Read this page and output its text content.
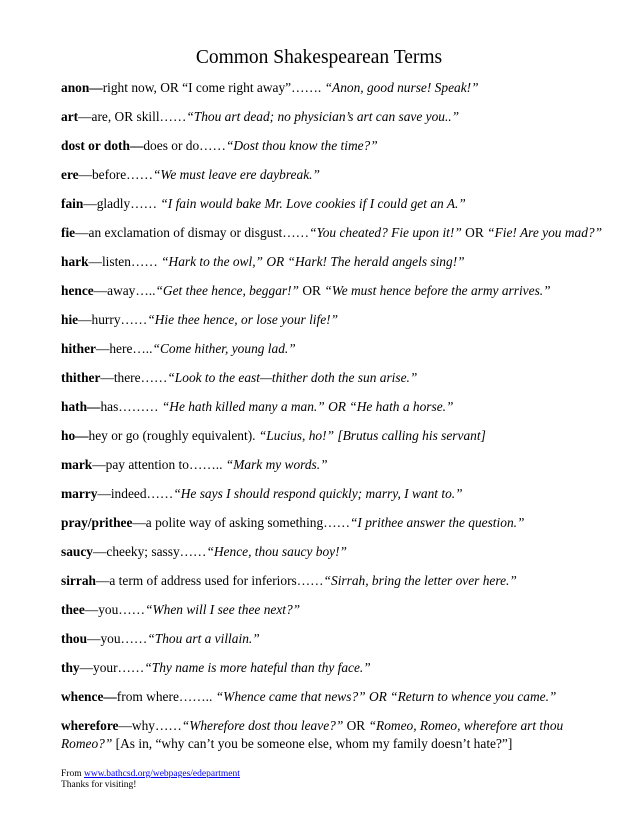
Common Shakespearean Terms
anon—right now, OR “I come right away”……. “Anon, good nurse! Speak!”
art—are, OR skill……“Thou art dead; no physician’s art can save you..”
dost or doth—does or do……“Dost thou know the time?”
ere—before……“We must leave ere daybreak.”
fain—gladly…… “I fain would bake Mr. Love cookies if I could get an A.”
fie—an exclamation of dismay or disgust……“You cheated? Fie upon it!” OR “Fie! Are you mad?”
hark—listen…… “Hark to the owl,” OR “Hark! The herald angels sing!”
hence—away…..“Get thee hence, beggar!” OR “We must hence before the army arrives.”
hie—hurry……“Hie thee hence, or lose your life!”
hither—here…..“Come hither, young lad.”
thither—there……“Look to the east—thither doth the sun arise.”
hath—has……… “He hath killed many a man.” OR “He hath a horse.”
ho—hey or go (roughly equivalent). “Lucius, ho!” [Brutus calling his servant]
mark—pay attention to…….. “Mark my words.”
marry—indeed……“He says I should respond quickly; marry, I want to.”
pray/prithee—a polite way of asking something……“I prithee answer the question.”
saucy—cheeky; sassy……“Hence, thou saucy boy!”
sirrah—a term of address used for inferiors……“Sirrah, bring the letter over here.”
thee—you……“When will I see thee next?”
thou—you……“Thou art a villain.”
thy—your……“Thy name is more hateful than thy face.”
whence—from where…….. “Whence came that news?” OR “Return to whence you came.”
wherefore—why……“Wherefore dost thou leave?” OR “Romeo, Romeo, wherefore art thou Romeo?” [As in, “why can’t you be someone else, whom my family doesn’t hate?”]
From www.bathcsd.org/webpages/edepartment
Thanks for visiting!
